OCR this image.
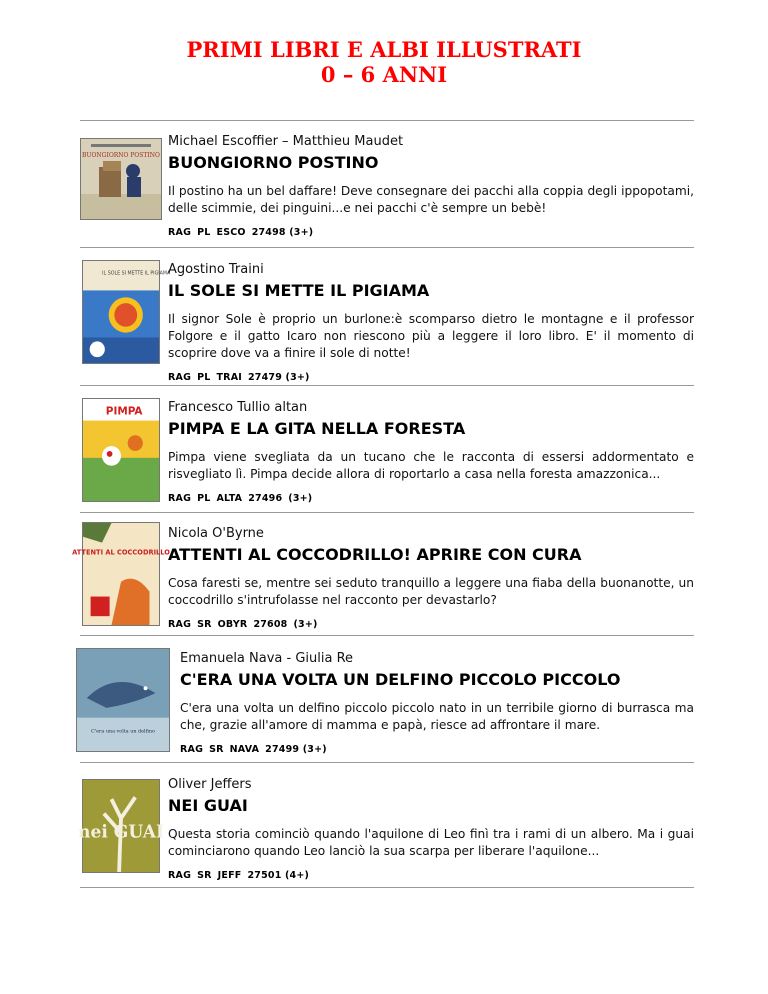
PRIMI LIBRI E ALBI ILLUSTRATI
0 – 6 ANNI
BUONGIORNO POSTINO
Michael Escoffier – Matthieu Maudet
BUONGIORNO POSTINO
Il postino ha un bel daffare! Deve consegnare dei pacchi alla coppia degli ippopotami, delle scimmie, dei pinguini...e nei pacchi c'è sempre un bebè!
RAG PL ESCO 27498 (3+)
IL SOLE SI METTE IL PIGIAMA
Agostino Traini
IL SOLE SI METTE IL PIGIAMA
Il signor Sole è proprio un burlone:è scomparso dietro le montagne e il professor Folgore e il gatto Icaro non riescono più a leggere il loro libro. E' il momento di scoprire dove va a finire il sole di notte!
RAG PL TRAI 27479 (3+)
PIMPA Francesco Tullio altan
PIMPA E LA GITA NELLA FORESTA
Pimpa viene svegliata da un tucano che le racconta di essersi addormentato e risvegliato lì. Pimpa decide allora di roportarlo a casa nella foresta amazzonica...
RAG PL ALTA 27496 (3+)
ATTENTI AL COCCODRILLO
Nicola O'Byrne
ATTENTI AL COCCODRILLO! APRIRE CON CURA
Cosa faresti se, mentre sei seduto tranquillo a leggere una fiaba della buonanotte, un coccodrillo s'intrufolasse nel racconto per devastarlo?
RAG SR OBYR 27608 (3+)
C'era una volta un delfino
Emanuela Nava - Giulia Re
C'ERA UNA VOLTA UN DELFINO PICCOLO PICCOLO
C'era una volta un delfino piccolo piccolo nato in un terribile giorno di burrasca ma che, grazie all'amore di mamma e papà, riesce ad affrontare il mare.
RAG SR NAVA 27499 (3+)
nei GUAI
Oliver Jeffers
NEI GUAI
Questa storia cominciò quando l'aquilone di Leo finì tra i rami di un albero. Ma i guai cominciarono quando Leo lanciò la sua scarpa per liberare l'aquilone...
RAG SR JEFF 27501 (4+)
